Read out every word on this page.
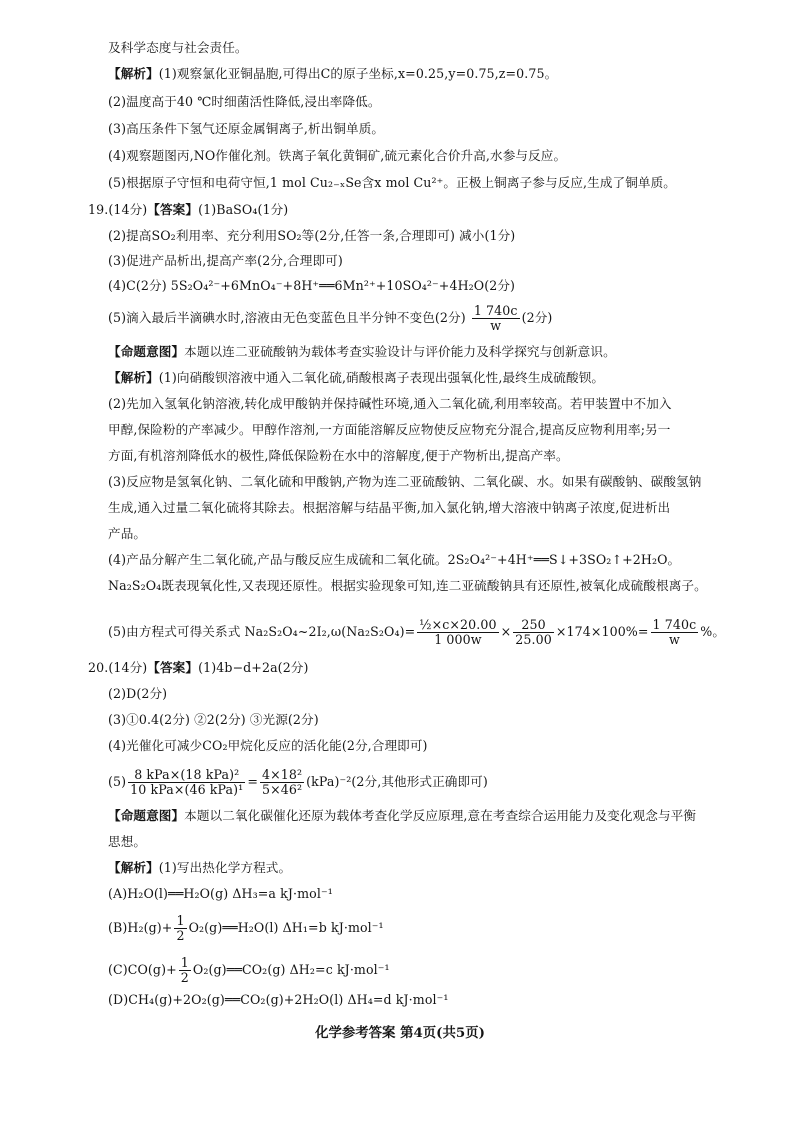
及科学态度与社会责任。
【解析】(1)观察氯化亚铜晶胞,可得出C的原子坐标,x=0.25,y=0.75,z=0.75。
(2)温度高于40 ℃时细菌活性降低,浸出率降低。
(3)高压条件下氢气还原金属铜离子,析出铜单质。
(4)观察题图丙,NO作催化剂。铁离子氧化黄铜矿,硫元素化合价升高,水参与反应。
(5)根据原子守恒和电荷守恒,1 mol Cu₂₋ₓSe含x mol Cu²⁺。正极上铜离子参与反应,生成了铜单质。
19.(14分)【答案】(1)BaSO₄(1分)
(2)提高SO₂利用率、充分利用SO₂等(2分,任答一条,合理即可) 减小(1分)
(3)促进产品析出,提高产率(2分,合理即可)
(4)C(2分) 5S₂O₄²⁻+6MnO₄⁻+8H⁺══6Mn²⁺+10SO₄²⁻+4H₂O(2分)
(5)滴入最后半滴碘水时,溶液由无色变蓝色且半分钟不变色(2分) $\frac{1 740c}{w} (2$分)
【命题意图】本题以连二亚硫酸钠为载体考查实验设计与评价能力及科学探究与创新意识。
【解析】(1)向硝酸钡溶液中通入二氧化硫,硝酸根离子表现出强氧化性,最终生成硫酸钡。
(2)先加入氢氧化钠溶液,转化成甲酸钠并保持碱性环境,通入二氧化硫,利用率较高。若甲装置中不加入
甲醇,保险粉的产率减少。甲醇作溶剂,一方面能溶解反应物使反应物充分混合,提高反应物利用率;另一
方面,有机溶剂降低水的极性,降低保险粉在水中的溶解度,便于产物析出,提高产率。
(3)反应物是氢氧化钠、二氧化硫和甲酸钠,产物为连二亚硫酸钠、二氧化碳、水。如果有碳酸钠、碳酸氢钠
生成,通入过量二氧化硫将其除去。根据溶解与结晶平衡,加入氯化钠,增大溶液中钠离子浓度,促进析出
产品。
(4)产品分解产生二氧化硫,产品与酸反应生成硫和二氧化硫。2S₂O₄²⁻+4H⁺══S↓+3SO₂↑+2H₂O。
Na₂S₂O₄既表现氧化性,又表现还原性。根据实验现象可知,连二亚硫酸钠具有还原性,被氧化成硫酸根离子。
(5)由方程式可得关系式 Na₂S₂O₄~2I₂,ω(Na₂S₂O₄)= $\frac{\text{½×c×20.00}}{1 000w} \times \frac{250}{25.00} \times 174\times 100\%= \frac{1 740c}{w}$ %。
20.(14分)【答案】(1)4b−d+2a(2分)
(2)D(2分)
(3)①0.4(2分) ②2(2分) ③光源(2分)
(4)光催化可减少CO₂甲烷化反应的活化能(2分,合理即可)
$(5) \frac{\text{8 kPa×(18 kPa)²}}{\text{10 kPa×(46 kPa)¹}} = \frac{\text{4×18²}}{\text{5×46²}} (kPa)^{-2}(2$分,其他形式正确即可)
【命题意图】本题以二氧化碳催化还原为载体考查化学反应原理,意在考查综合运用能力及变化观念与平衡
思想。
【解析】(1)写出热化学方程式。
(A)H₂O(l)══H₂O(g) ΔH₃=a kJ·mol⁻¹
$(B)H_2(g)+ \frac{1}{2}$ O₂(g)══H₂O(l) ΔH₁=b kJ·mol⁻¹
$(C)CO(g)+ \frac{1}{2}$ O₂(g)══CO₂(g) ΔH₂=c kJ·mol⁻¹
(D)CH₄(g)+2O₂(g)══CO₂(g)+2H₂O(l) ΔH₄=d kJ·mol⁻¹
化学参考答案 第4页(共5页)
